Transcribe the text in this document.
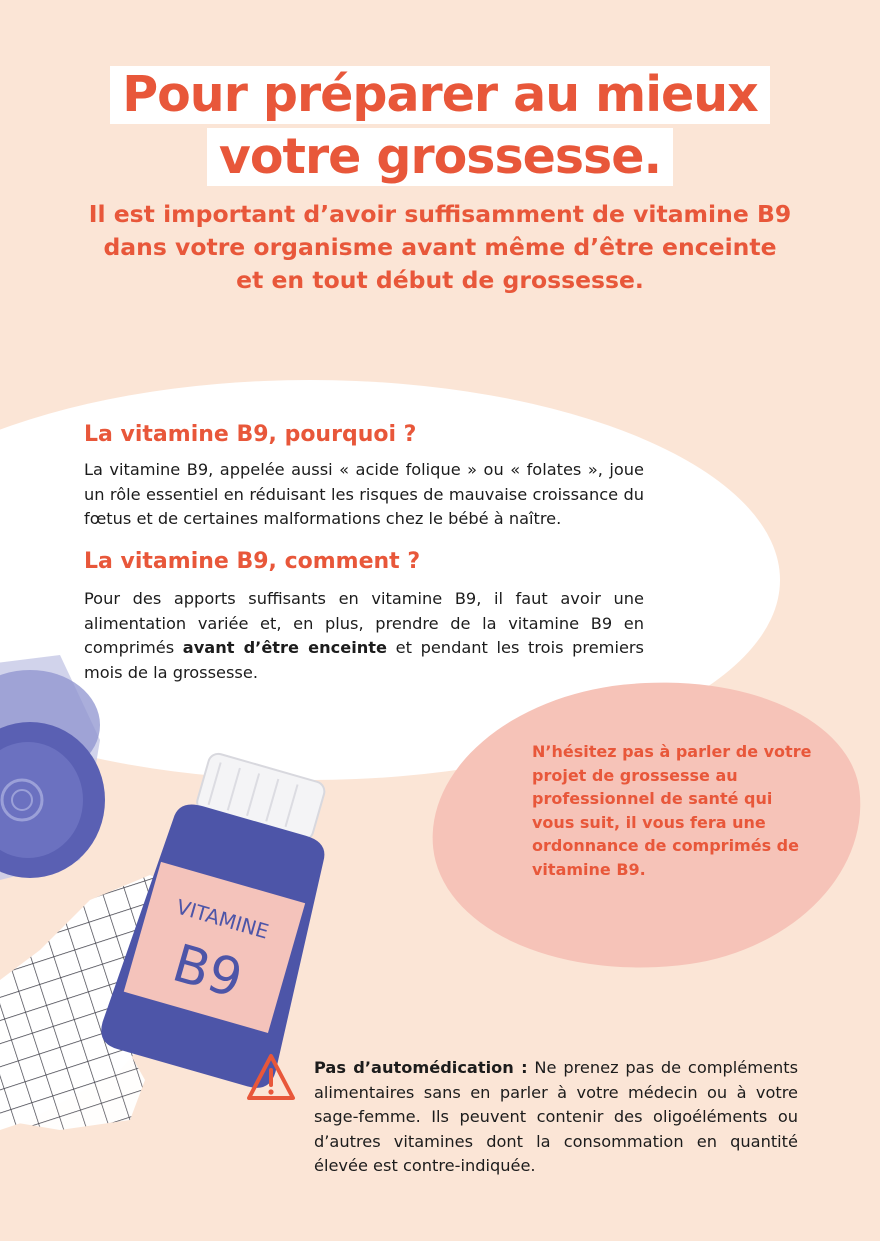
Pour préparer au mieux
votre grossesse.
Il est important d’avoir suffisamment de vitamine B9
dans votre organisme avant même d’être enceinte
et en tout début de grossesse.
VITAMINE
B9
La vitamine B9, pourquoi ?
La vitamine B9, appelée aussi « acide folique » ou « folates », joue un rôle essentiel en réduisant les risques de mauvaise croissance du fœtus et de certaines malformations chez le bébé à naître.
La vitamine B9, comment ?
Pour des apports suffisants en vitamine B9, il faut avoir une alimentation variée et, en plus, prendre de la vitamine B9 en comprimés avant d’être enceinte et pendant les trois premiers mois de la grossesse.
N’hésitez pas à parler de votre projet de grossesse au professionnel de santé qui vous suit, il vous fera une ordonnance de comprimés de vitamine B9.
Pas d’automédication : Ne prenez pas de compléments alimentaires sans en parler à votre médecin ou à votre sage-femme. Ils peuvent contenir des oligoéléments ou d’autres vitamines dont la consommation en quantité élevée est contre-indiquée.
